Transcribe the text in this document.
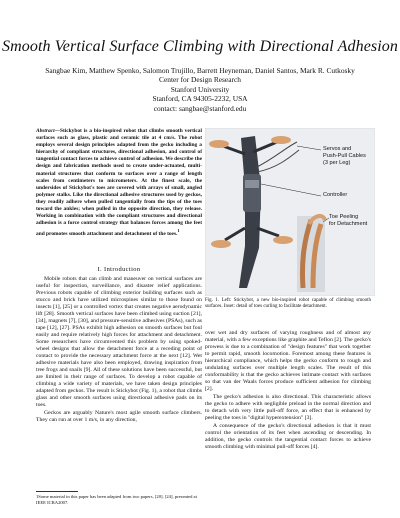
Smooth Vertical Surface Climbing with Directional Adhesion
Sangbae Kim, Matthew Spenko, Salomon Trujillo, Barrett Heyneman, Daniel Santos, Mark R. Cutkosky
Center for Design Research
Stanford University
Stanford, CA 94305-2232, USA
contact: sangbae@stanford.edu
Abstract—Stickybot is a bio-inspired robot that climbs smooth vertical surfaces such as glass, plastic and ceramic tile at 4 cm/s. The robot employs several design principles adapted from the gecko including a hierarchy of compliant structures, directional adhesion, and control of tangential contact forces to achieve control of adhesion. We describe the design and fabrication methods used to create under-actuated, multi-material structures that conform to surfaces over a range of length scales from centimeters to micrometers. At the finest scale, the undersides of Stickybot's toes are covered with arrays of small, angled polymer stalks. Like the directional adhesive structures used by geckos, they readily adhere when pulled tangentially from the tips of the toes toward the ankles; when pulled in the opposite direction, they release. Working in combination with the compliant structures and directional adhesion is a force control strategy that balances forces among the feet and promotes smooth attachment and detachment of the toes.$^1$
I. Introduction

Mobile robots that can climb and maneuver on vertical surfaces are useful for inspection, surveillance, and disaster relief applications. Previous robots capable of climbing exterior building surfaces such as stucco and brick have utilized microspines similar to those found on insects [1], [25] or a controlled vortex that creates negative aerodynamic lift [28]. Smooth vertical surfaces have been climbed using suction [21], [34], magnets [7], [30], and pressure-sensitive adhesives (PSAs), such as tape [12], [27]. PSAs exhibit high adhesion on smooth surfaces but foul easily and require relatively high forces for attachment and detachment. Some researchers have circumvented this problem by using spoked-wheel designs that allow the detachment force at a receding point of contact to provide the necessary attachment force at the next [12]. Wet adhesive materials have also been employed, drawing inspiration from tree frogs and snails [9]. All of these solutions have been successful, but are limited in their range of surfaces. To develop a robot capable of climbing a wide variety of materials, we have taken design principles adapted from geckos. The result is Stickybot (Fig. 1), a robot that climbs glass and other smooth surfaces using directional adhesive pads on its toes.

Geckos are arguably Nature's most agile smooth surface climbers. They can run at over 1 m/s, in any direction,

1Some material in this paper has been adapted from two papers, [20], [24], presented at IEEE ICRA2007.
Servos and
Push-Pull Cables
(3 per Leg)
Controller
Toe Peeling
for Detachment
Fig. 1. Left: Stickybot, a new bio-inspired robot capable of climbing smooth surfaces. Inset: detail of toes curling to facilitate detachment.

over wet and dry surfaces of varying roughness and of almost any material, with a few exceptions like graphite and Teflon [2]. The gecko's prowess is due to a combination of "design features" that work together to permit rapid, smooth locomotion. Foremost among these features is hierarchical compliance, which helps the gecko conform to rough and undulating surfaces over multiple length scales. The result of this conformability is that the gecko achieves intimate contact with surfaces so that van der Waals forces produce sufficient adhesion for climbing [2].

The gecko's adhesion is also directional. This characteristic allows the gecko to adhere with negligible preload in the normal direction and to detach with very little pull-off force, an effect that is enhanced by peeling the toes in "digital hyperextension" [3].

A consequence of the gecko's directional adhesion is that it must control the orientation of its feet when ascending or descending. In addition, the gecko controls the tangential contact forces to achieve smooth climbing with minimal pull-off forces [4].
